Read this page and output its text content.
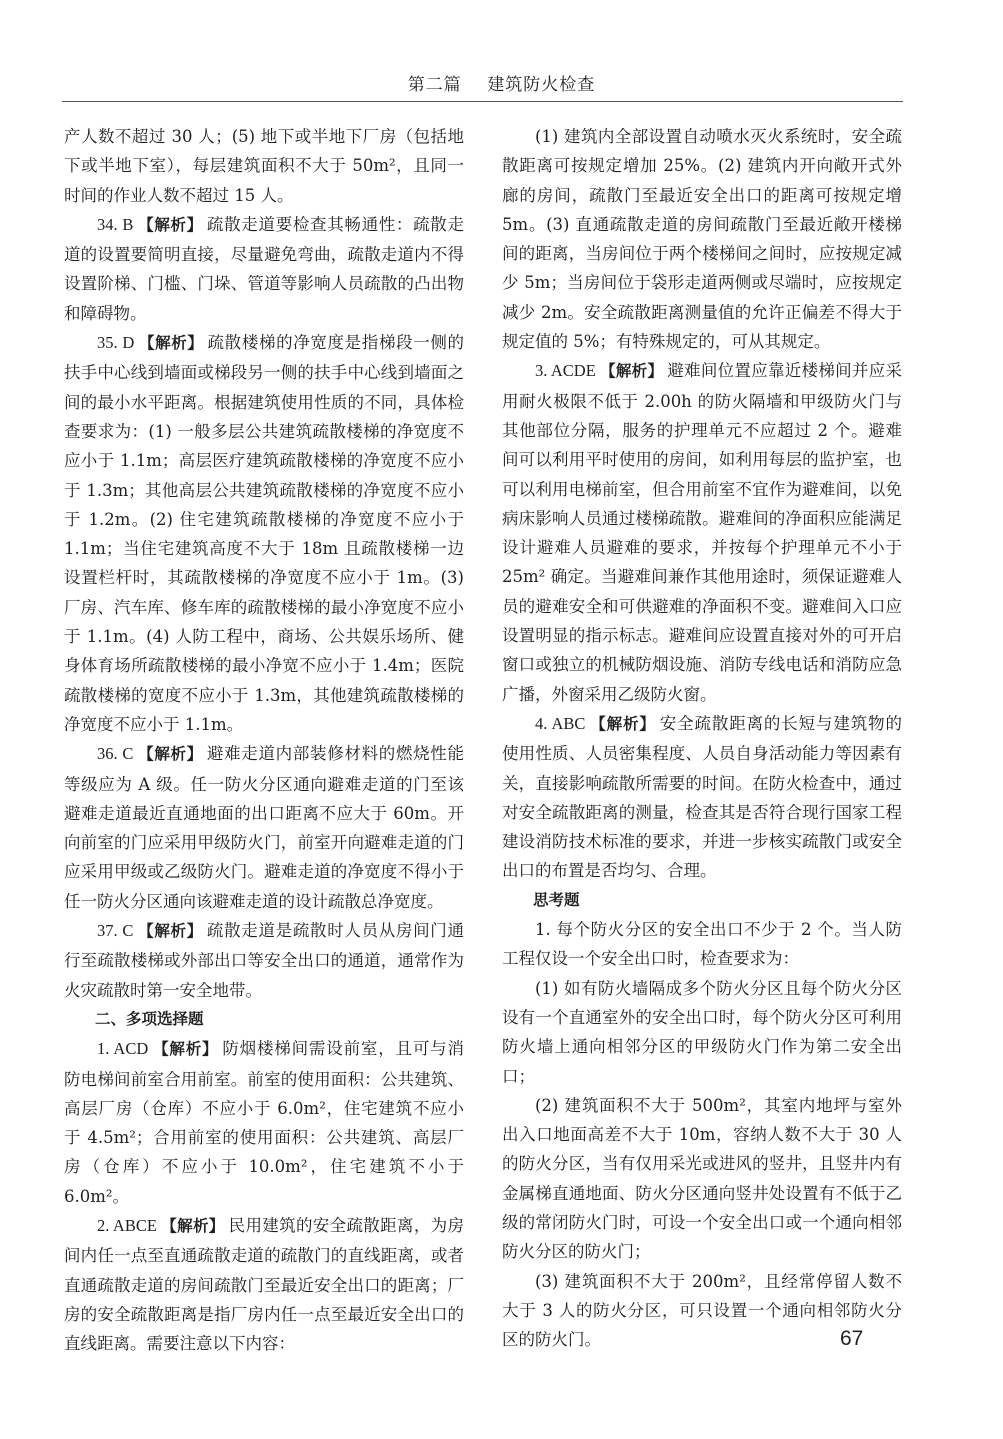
第二篇 建筑防火检查

产人数不超过 30 人；(5) 地下或半地下厂房（包括地下或半地下室），每层建筑面积不大于 50m²，且同一时间的作业人数不超过 15 人。

34. B 【解析】 疏散走道要检查其畅通性：疏散走道的设置要简明直接，尽量避免弯曲，疏散走道内不得设置阶梯、门槛、门垛、管道等影响人员疏散的凸出物和障碍物。

35. D 【解析】 疏散楼梯的净宽度是指梯段一侧的扶手中心线到墙面或梯段另一侧的扶手中心线到墙面之间的最小水平距离。根据建筑使用性质的不同，具体检查要求为：(1) 一般多层公共建筑疏散楼梯的净宽度不应小于 1.1m；高层医疗建筑疏散楼梯的净宽度不应小于 1.3m；其他高层公共建筑疏散楼梯的净宽度不应小于 1.2m。(2) 住宅建筑疏散楼梯的净宽度不应小于 1.1m；当住宅建筑高度不大于 18m 且疏散楼梯一边设置栏杆时，其疏散楼梯的净宽度不应小于 1m。(3) 厂房、汽车库、修车库的疏散楼梯的最小净宽度不应小于 1.1m。(4) 人防工程中，商场、公共娱乐场所、健身体育场所疏散楼梯的最小净宽不应小于 1.4m；医院疏散楼梯的宽度不应小于 1.3m，其他建筑疏散楼梯的净宽度不应小于 1.1m。

36. C 【解析】 避难走道内部装修材料的燃烧性能等级应为 A 级。任一防火分区通向避难走道的门至该避难走道最近直通地面的出口距离不应大于 60m。开向前室的门应采用甲级防火门，前室开向避难走道的门应采用甲级或乙级防火门。避难走道的净宽度不得小于任一防火分区通向该避难走道的设计疏散总净宽度。

37. C 【解析】 疏散走道是疏散时人员从房间门通行至疏散楼梯或外部出口等安全出口的通道，通常作为火灾疏散时第一安全地带。

二、多项选择题

1. ACD 【解析】 防烟楼梯间需设前室，且可与消防电梯间前室合用前室。前室的使用面积：公共建筑、高层厂房（仓库）不应小于 6.0m²，住宅建筑不应小于 4.5m²；合用前室的使用面积：公共建筑、高层厂房（仓库）不应小于 10.0m²，住宅建筑不小于 6.0m²。

2. ABCE 【解析】 民用建筑的安全疏散距离，为房间内任一点至直通疏散走道的疏散门的直线距离，或者直通疏散走道的房间疏散门至最近安全出口的距离；厂房的安全疏散距离是指厂房内任一点至最近安全出口的直线距离。需要注意以下内容：

(1) 建筑内全部设置自动喷水灭火系统时，安全疏散距离可按规定增加 25%。(2) 建筑内开向敞开式外廊的房间，疏散门至最近安全出口的距离可按规定增 5m。(3) 直通疏散走道的房间疏散门至最近敞开楼梯间的距离，当房间位于两个楼梯间之间时，应按规定减少 5m；当房间位于袋形走道两侧或尽端时，应按规定减少 2m。安全疏散距离测量值的允许正偏差不得大于规定值的 5%；有特殊规定的，可从其规定。

3. ACDE 【解析】 避难间位置应靠近楼梯间并应采用耐火极限不低于 2.00h 的防火隔墙和甲级防火门与其他部位分隔，服务的护理单元不应超过 2 个。避难间可以利用平时使用的房间，如利用每层的监护室，也可以利用电梯前室，但合用前室不宜作为避难间，以免病床影响人员通过楼梯疏散。避难间的净面积应能满足设计避难人员避难的要求，并按每个护理单元不小于 25m² 确定。当避难间兼作其他用途时，须保证避难人员的避难安全和可供避难的净面积不变。避难间入口应设置明显的指示标志。避难间应设置直接对外的可开启窗口或独立的机械防烟设施、消防专线电话和消防应急广播，外窗采用乙级防火窗。

4. ABC 【解析】 安全疏散距离的长短与建筑物的使用性质、人员密集程度、人员自身活动能力等因素有关，直接影响疏散所需要的时间。在防火检查中，通过对安全疏散距离的测量，检查其是否符合现行国家工程建设消防技术标准的要求，并进一步核实疏散门或安全出口的布置是否均匀、合理。

思考题

1. 每个防火分区的安全出口不少于 2 个。当人防工程仅设一个安全出口时，检查要求为：

(1) 如有防火墙隔成多个防火分区且每个防火分区设有一个直通室外的安全出口时，每个防火分区可利用防火墙上通向相邻分区的甲级防火门作为第二安全出口；

(2) 建筑面积不大于 500m²，其室内地坪与室外出入口地面高差不大于 10m，容纳人数不大于 30 人的防火分区，当有仅用采光或进风的竖井，且竖井内有金属梯直通地面、防火分区通向竖井处设置有不低于乙级的常闭防火门时，可设一个安全出口或一个通向相邻防火分区的防火门；

(3) 建筑面积不大于 200m²，且经常停留人数不大于 3 人的防火分区，可只设置一个通向相邻防火分区的防火门。	67
